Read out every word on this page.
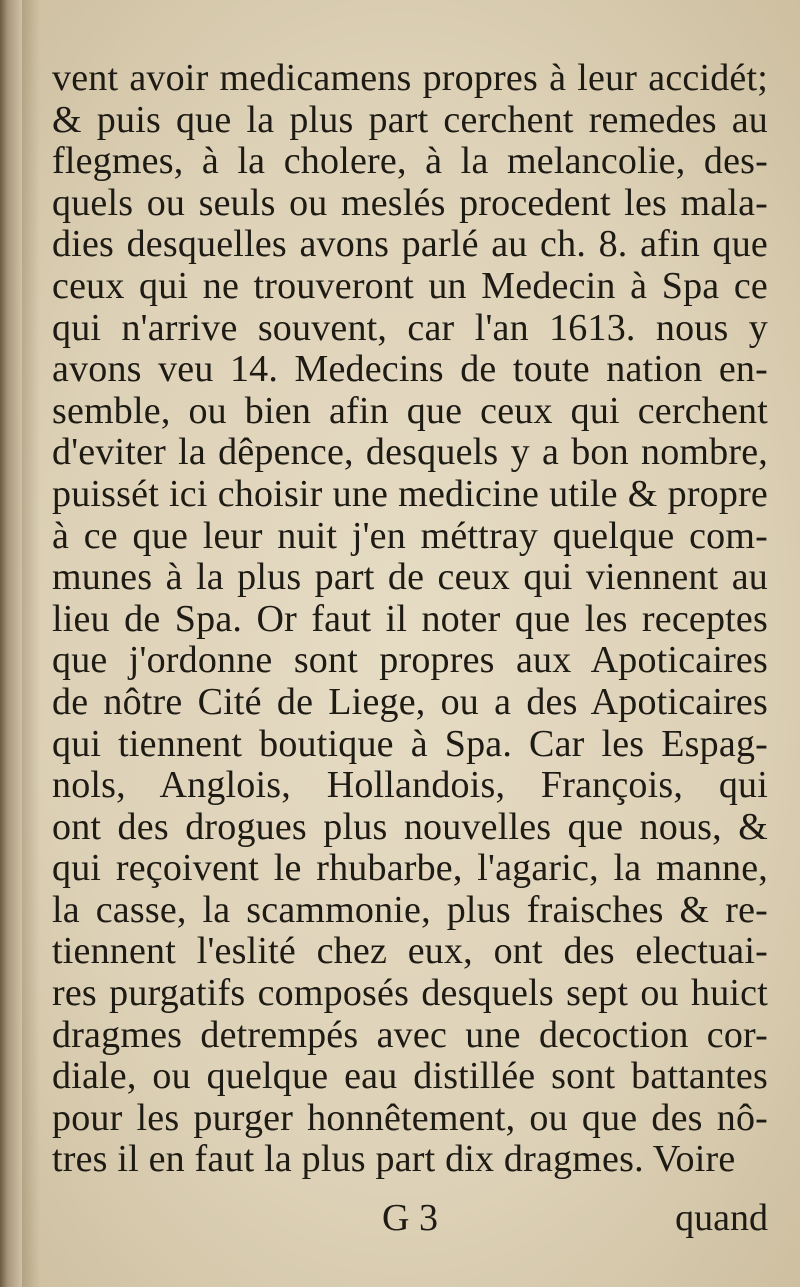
vent avoir medicamens propres à leur accidét;
& puis que la plus part cerchent remedes au
flegmes, à la cholere, à la melancolie, des-
quels ou seuls ou meslés procedent les mala-
dies desquelles avons parlé au ch. 8. afin que
ceux qui ne trouveront un Medecin à Spa ce
qui n'arrive souvent, car l'an 1613. nous y
avons veu 14. Medecins de toute nation en-
semble, ou bien afin que ceux qui cerchent
d'eviter la dêpence, desquels y a bon nombre,
puissét ici choisir une medicine utile & propre
à ce que leur nuit j'en méttray quelque com-
munes à la plus part de ceux qui viennent au
lieu de Spa. Or faut il noter que les receptes
que j'ordonne sont propres aux Apoticaires
de nôtre Cité de Liege, ou a des Apoticaires
qui tiennent boutique à Spa. Car les Espag-
nols, Anglois, Hollandois, François, qui
ont des drogues plus nouvelles que nous, &
qui reçoivent le rhubarbe, l'agaric, la manne,
la casse, la scammonie, plus fraisches & re-
tiennent l'eslité chez eux, ont des electuai-
res purgatifs composés desquels sept ou huict
dragmes detrempés avec une decoction cor-
diale, ou quelque eau distillée sont battantes
pour les purger honnêtement, ou que des nô-
tres il en faut la plus part dix dragmes. Voire
G 3	quand
